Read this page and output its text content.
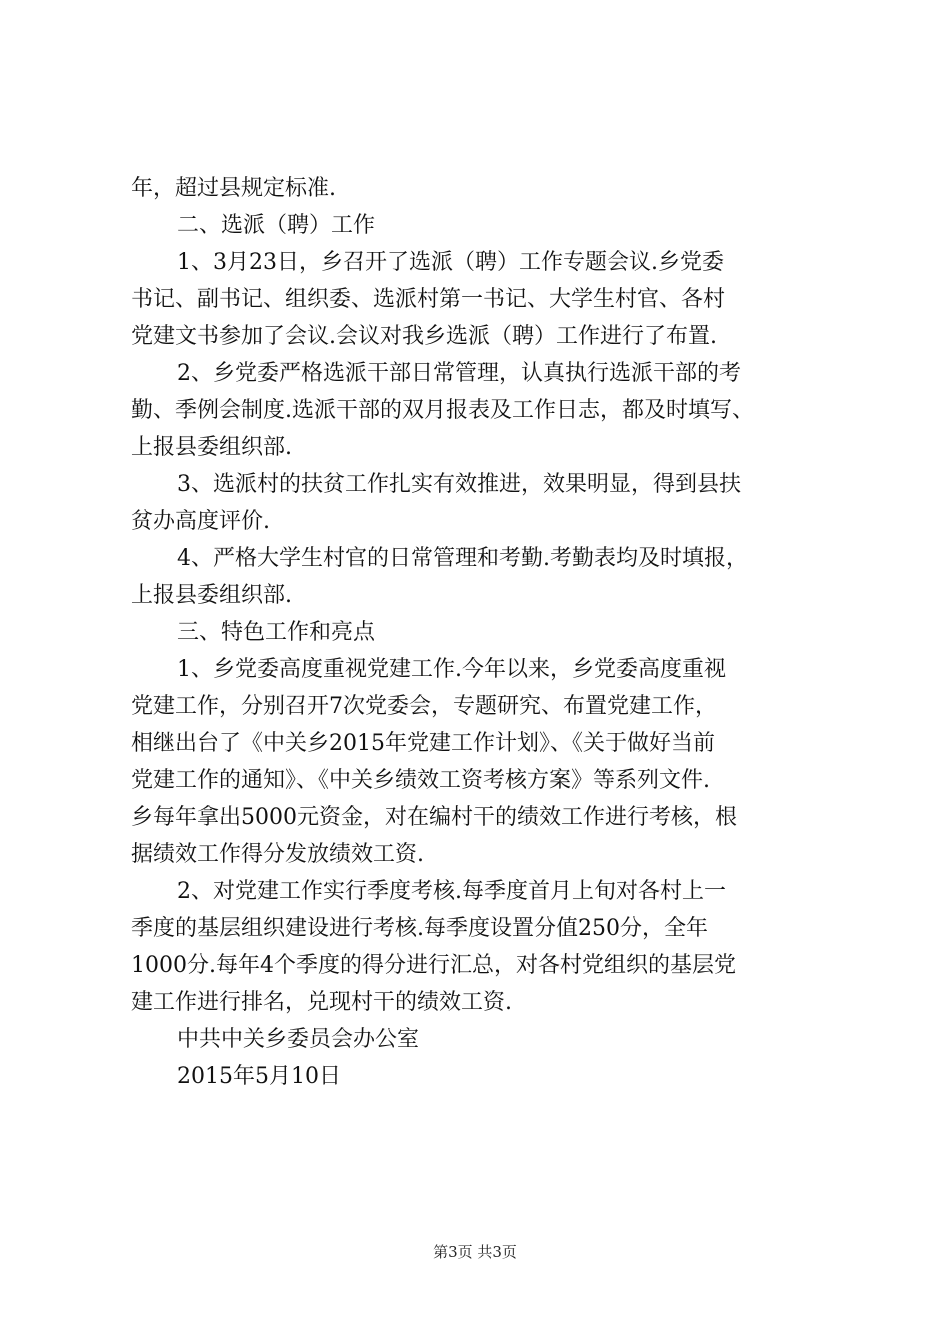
年，超过县规定标准.
二、选派（聘）工作
1、3月23日，乡召开了选派（聘）工作专题会议.乡党委
书记、副书记、组织委、选派村第一书记、大学生村官、各村
党建文书参加了会议.会议对我乡选派（聘）工作进行了布置.
2、乡党委严格选派干部日常管理，认真执行选派干部的考
勤、季例会制度.选派干部的双月报表及工作日志，都及时填写、
上报县委组织部.
3、选派村的扶贫工作扎实有效推进，效果明显，得到县扶
贫办高度评价.
4、严格大学生村官的日常管理和考勤.考勤表均及时填报，
上报县委组织部.
三、特色工作和亮点
1、乡党委高度重视党建工作.今年以来，乡党委高度重视
党建工作，分别召开7次党委会，专题研究、布置党建工作，
相继出台了《中关乡2015年党建工作计划》、《关于做好当前
党建工作的通知》、《中关乡绩效工资考核方案》等系列文件.
乡每年拿出5000元资金，对在编村干的绩效工作进行考核，根
据绩效工作得分发放绩效工资.
2、对党建工作实行季度考核.每季度首月上旬对各村上一
季度的基层组织建设进行考核.每季度设置分值250分，全年
1000分.每年4个季度的得分进行汇总，对各村党组织的基层党
建工作进行排名，兑现村干的绩效工资.
中共中关乡委员会办公室
2015年5月10日
第3页 共3页
